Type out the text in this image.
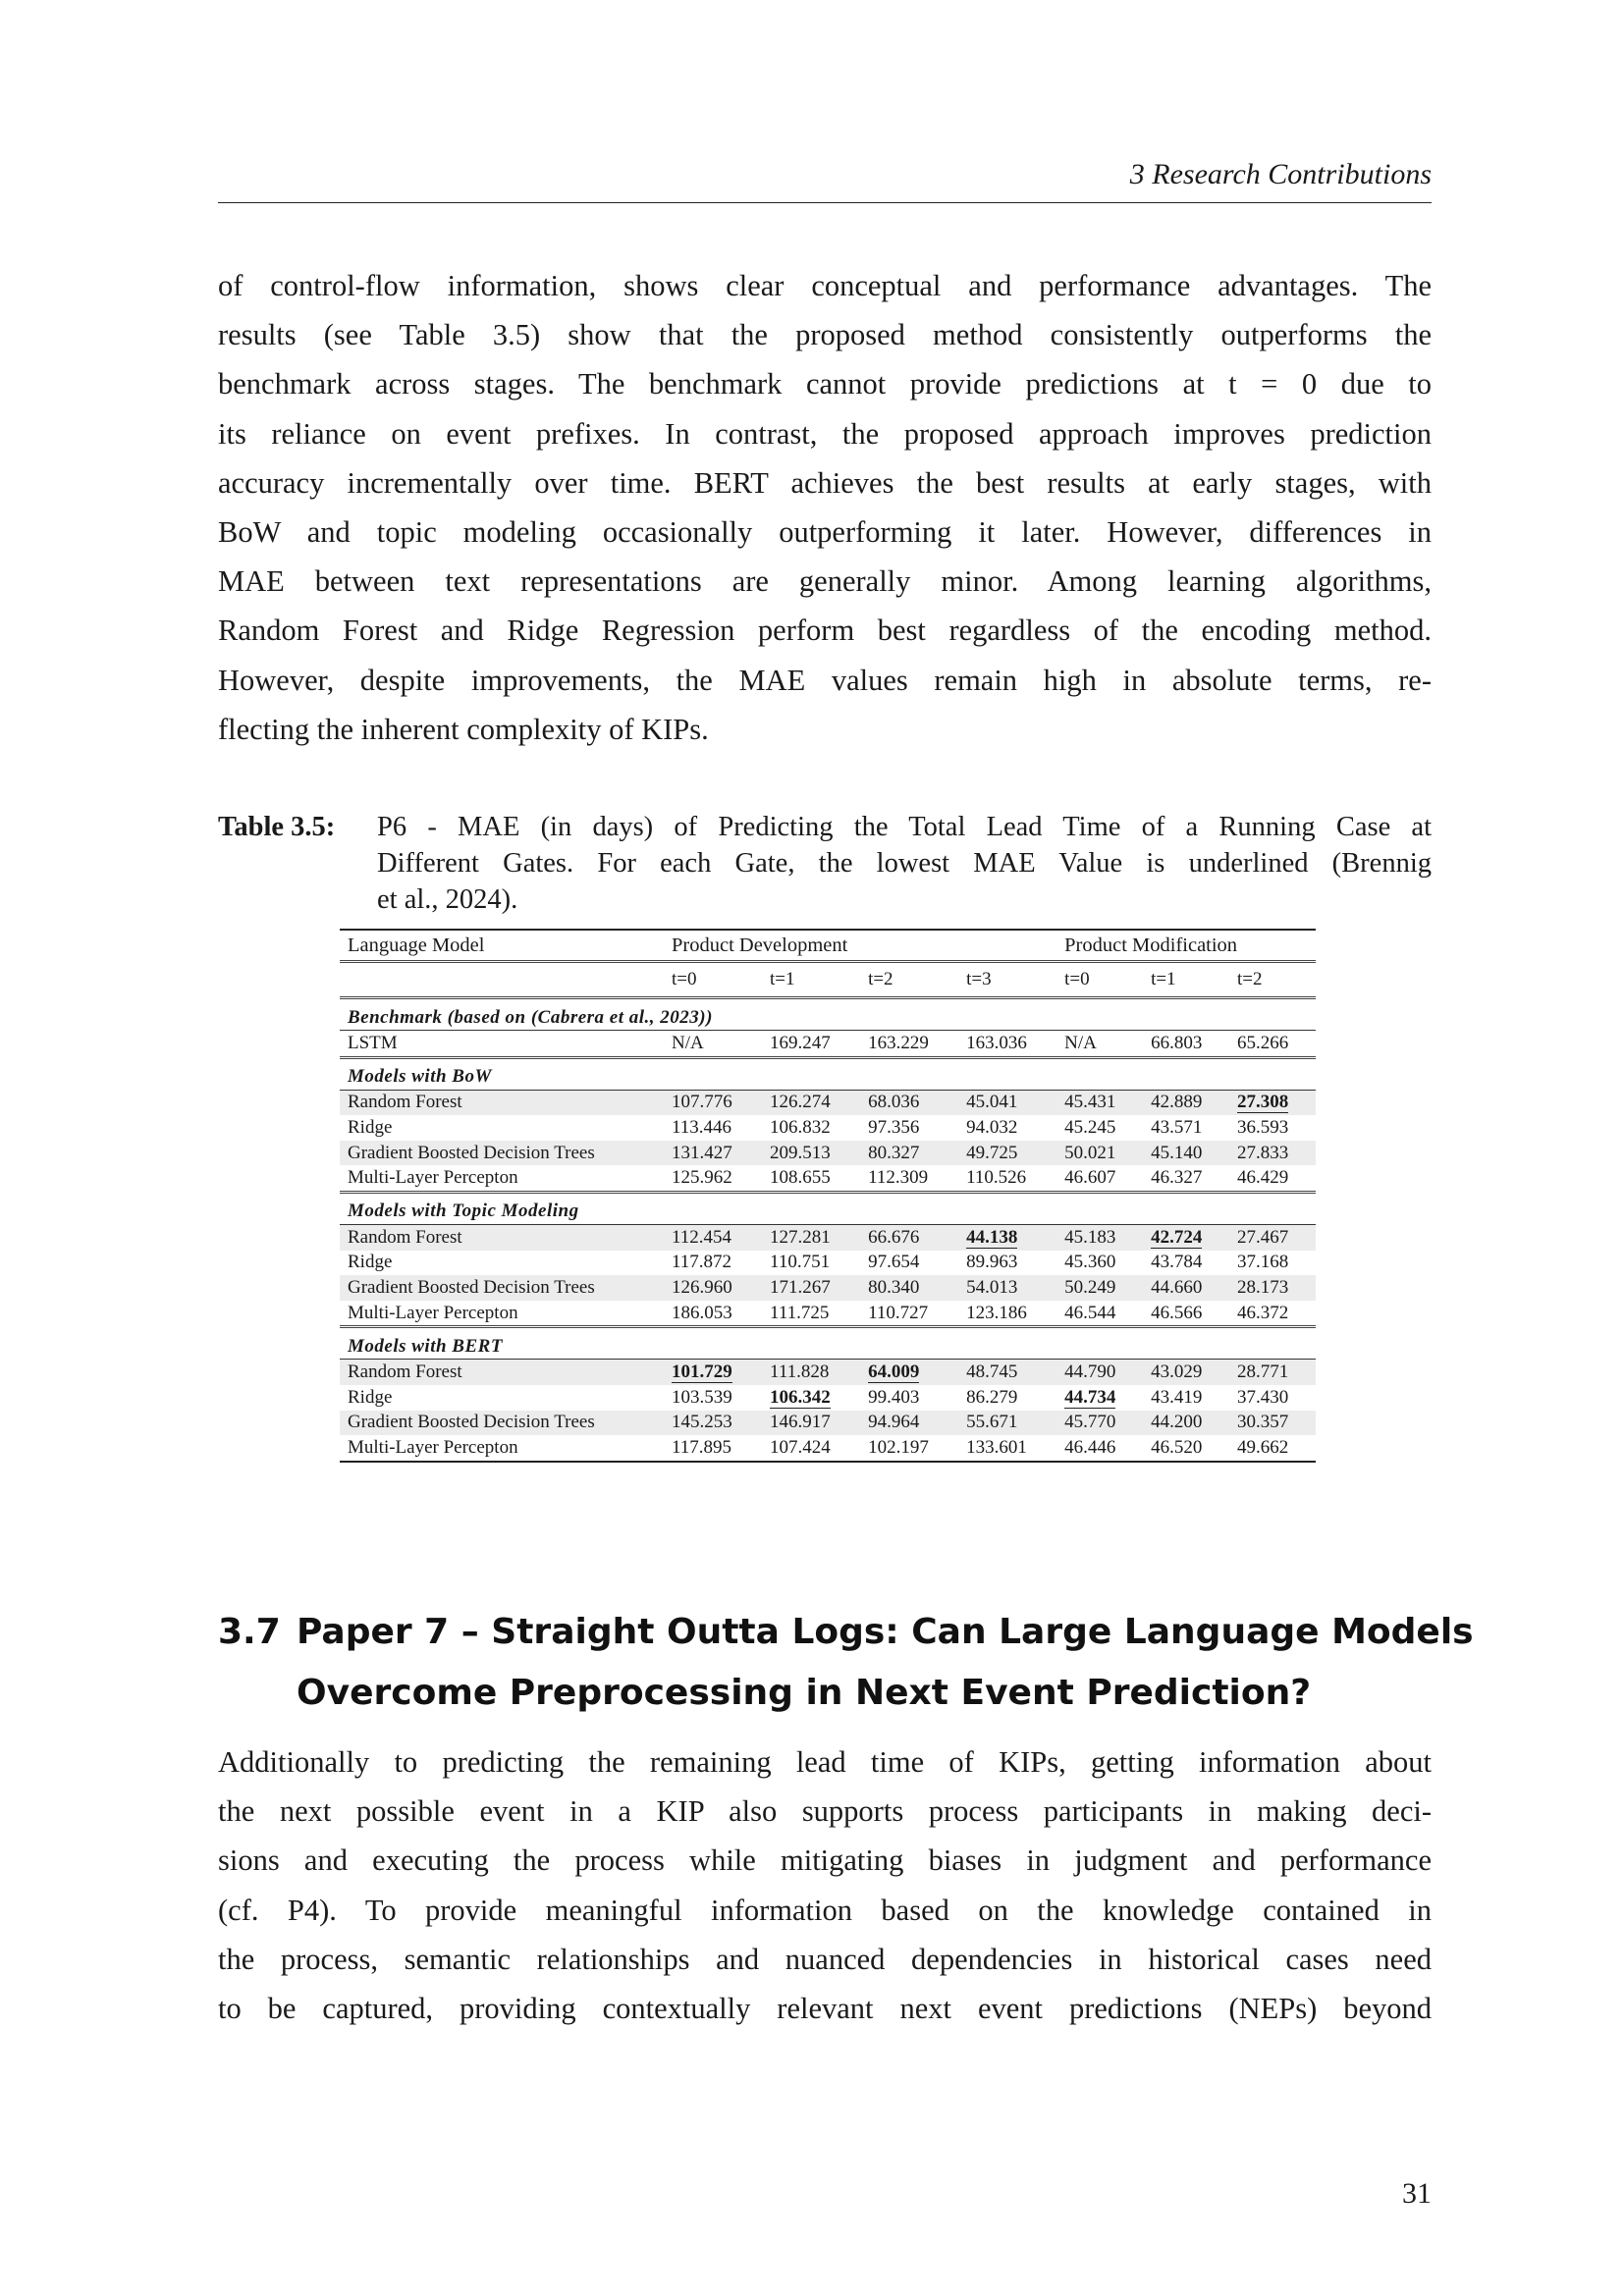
3 Research Contributions
of control-flow information, shows clear conceptual and performance advantages. The
results (see Table 3.5) show that the proposed method consistently outperforms the
benchmark across stages. The benchmark cannot provide predictions at t = 0 due to
its reliance on event prefixes. In contrast, the proposed approach improves prediction
accuracy incrementally over time. BERT achieves the best results at early stages, with
BoW and topic modeling occasionally outperforming it later. However, differences in
MAE between text representations are generally minor. Among learning algorithms,
Random Forest and Ridge Regression perform best regardless of the encoding method.
However, despite improvements, the MAE values remain high in absolute terms, re-
flecting the inherent complexity of KIPs.
Table 3.5: P6 - MAE (in days) of Predicting the Total Lead Time of a Running Case at
Different Gates. For each Gate, the lowest MAE Value is underlined (Brennig
et al., 2024).
Language Model	Product Development				Product Modification		
	t=0	t=1	t=2	t=3	t=0	t=1	t=2
Benchmark (based on (Cabrera et al., 2023))							
LSTM	N/A	169.247	163.229	163.036	N/A	66.803	65.266
Models with BoW							
Random Forest	107.776	126.274	68.036	45.041	45.431	42.889	27.308
Ridge	113.446	106.832	97.356	94.032	45.245	43.571	36.593
Gradient Boosted Decision Trees	131.427	209.513	80.327	49.725	50.021	45.140	27.833
Multi-Layer Percepton	125.962	108.655	112.309	110.526	46.607	46.327	46.429
Models with Topic Modeling							
Random Forest	112.454	127.281	66.676	44.138	45.183	42.724	27.467
Ridge	117.872	110.751	97.654	89.963	45.360	43.784	37.168
Gradient Boosted Decision Trees	126.960	171.267	80.340	54.013	50.249	44.660	28.173
Multi-Layer Percepton	186.053	111.725	110.727	123.186	46.544	46.566	46.372
Models with BERT							
Random Forest	101.729	111.828	64.009	48.745	44.790	43.029	28.771
Ridge	103.539	106.342	99.403	86.279	44.734	43.419	37.430
Gradient Boosted Decision Trees	145.253	146.917	94.964	55.671	45.770	44.200	30.357
Multi-Layer Percepton	117.895	107.424	102.197	133.601	46.446	46.520	49.662
3.7 Paper 7 – Straight Outta Logs: Can Large Language Models
Overcome Preprocessing in Next Event Prediction?
Additionally to predicting the remaining lead time of KIPs, getting information about
the next possible event in a KIP also supports process participants in making deci-
sions and executing the process while mitigating biases in judgment and performance
(cf. P4). To provide meaningful information based on the knowledge contained in
the process, semantic relationships and nuanced dependencies in historical cases need
to be captured, providing contextually relevant next event predictions (NEPs) beyond
31
